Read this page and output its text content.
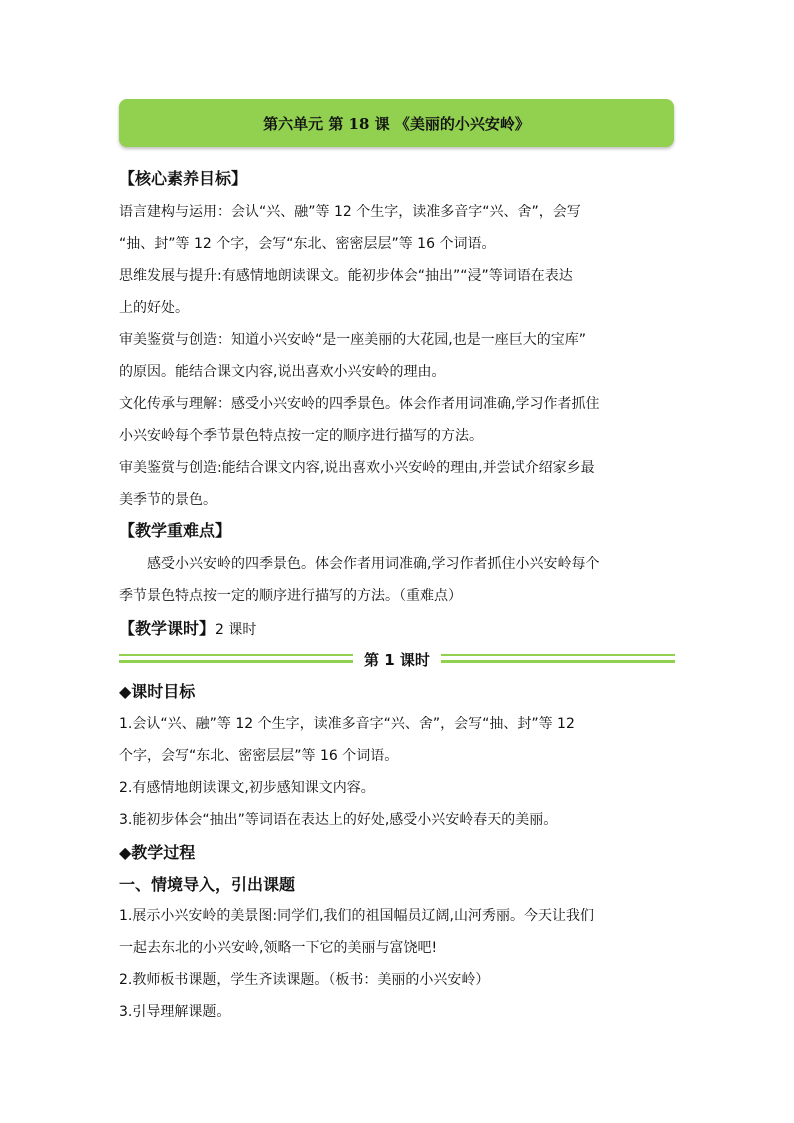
第六单元 第 18 课 《美丽的小兴安岭》
【核心素养目标】
语言建构与运用：会认“兴、融”等 12 个生字，读准多音字“兴、舍”，会写
“抽、封”等 12 个字，会写“东北、密密层层”等 16 个词语。
思维发展与提升:有感情地朗读课文。能初步体会“抽出”“浸”等词语在表达
上的好处。
审美鉴赏与创造：知道小兴安岭“是一座美丽的大花园,也是一座巨大的宝库”
的原因。能结合课文内容,说出喜欢小兴安岭的理由。
文化传承与理解：感受小兴安岭的四季景色。体会作者用词准确,学习作者抓住
小兴安岭每个季节景色特点按一定的顺序进行描写的方法。
审美鉴赏与创造:能结合课文内容,说出喜欢小兴安岭的理由,并尝试介绍家乡最
美季节的景色。
【教学重难点】
感受小兴安岭的四季景色。体会作者用词准确,学习作者抓住小兴安岭每个
季节景色特点按一定的顺序进行描写的方法。（重难点）
【教学课时】2 课时
第 1 课时
◆课时目标
1.会认“兴、融”等 12 个生字，读准多音字“兴、舍”，会写“抽、封”等 12
个字，会写“东北、密密层层”等 16 个词语。
2.有感情地朗读课文,初步感知课文内容。
3.能初步体会“抽出”等词语在表达上的好处,感受小兴安岭春天的美丽。
◆教学过程
一、情境导入，引出课题
1.展示小兴安岭的美景图:同学们,我们的祖国幅员辽阔,山河秀丽。今天让我们
一起去东北的小兴安岭,领略一下它的美丽与富饶吧!
2.教师板书课题，学生齐读课题。（板书：美丽的小兴安岭）
3.引导理解课题。
